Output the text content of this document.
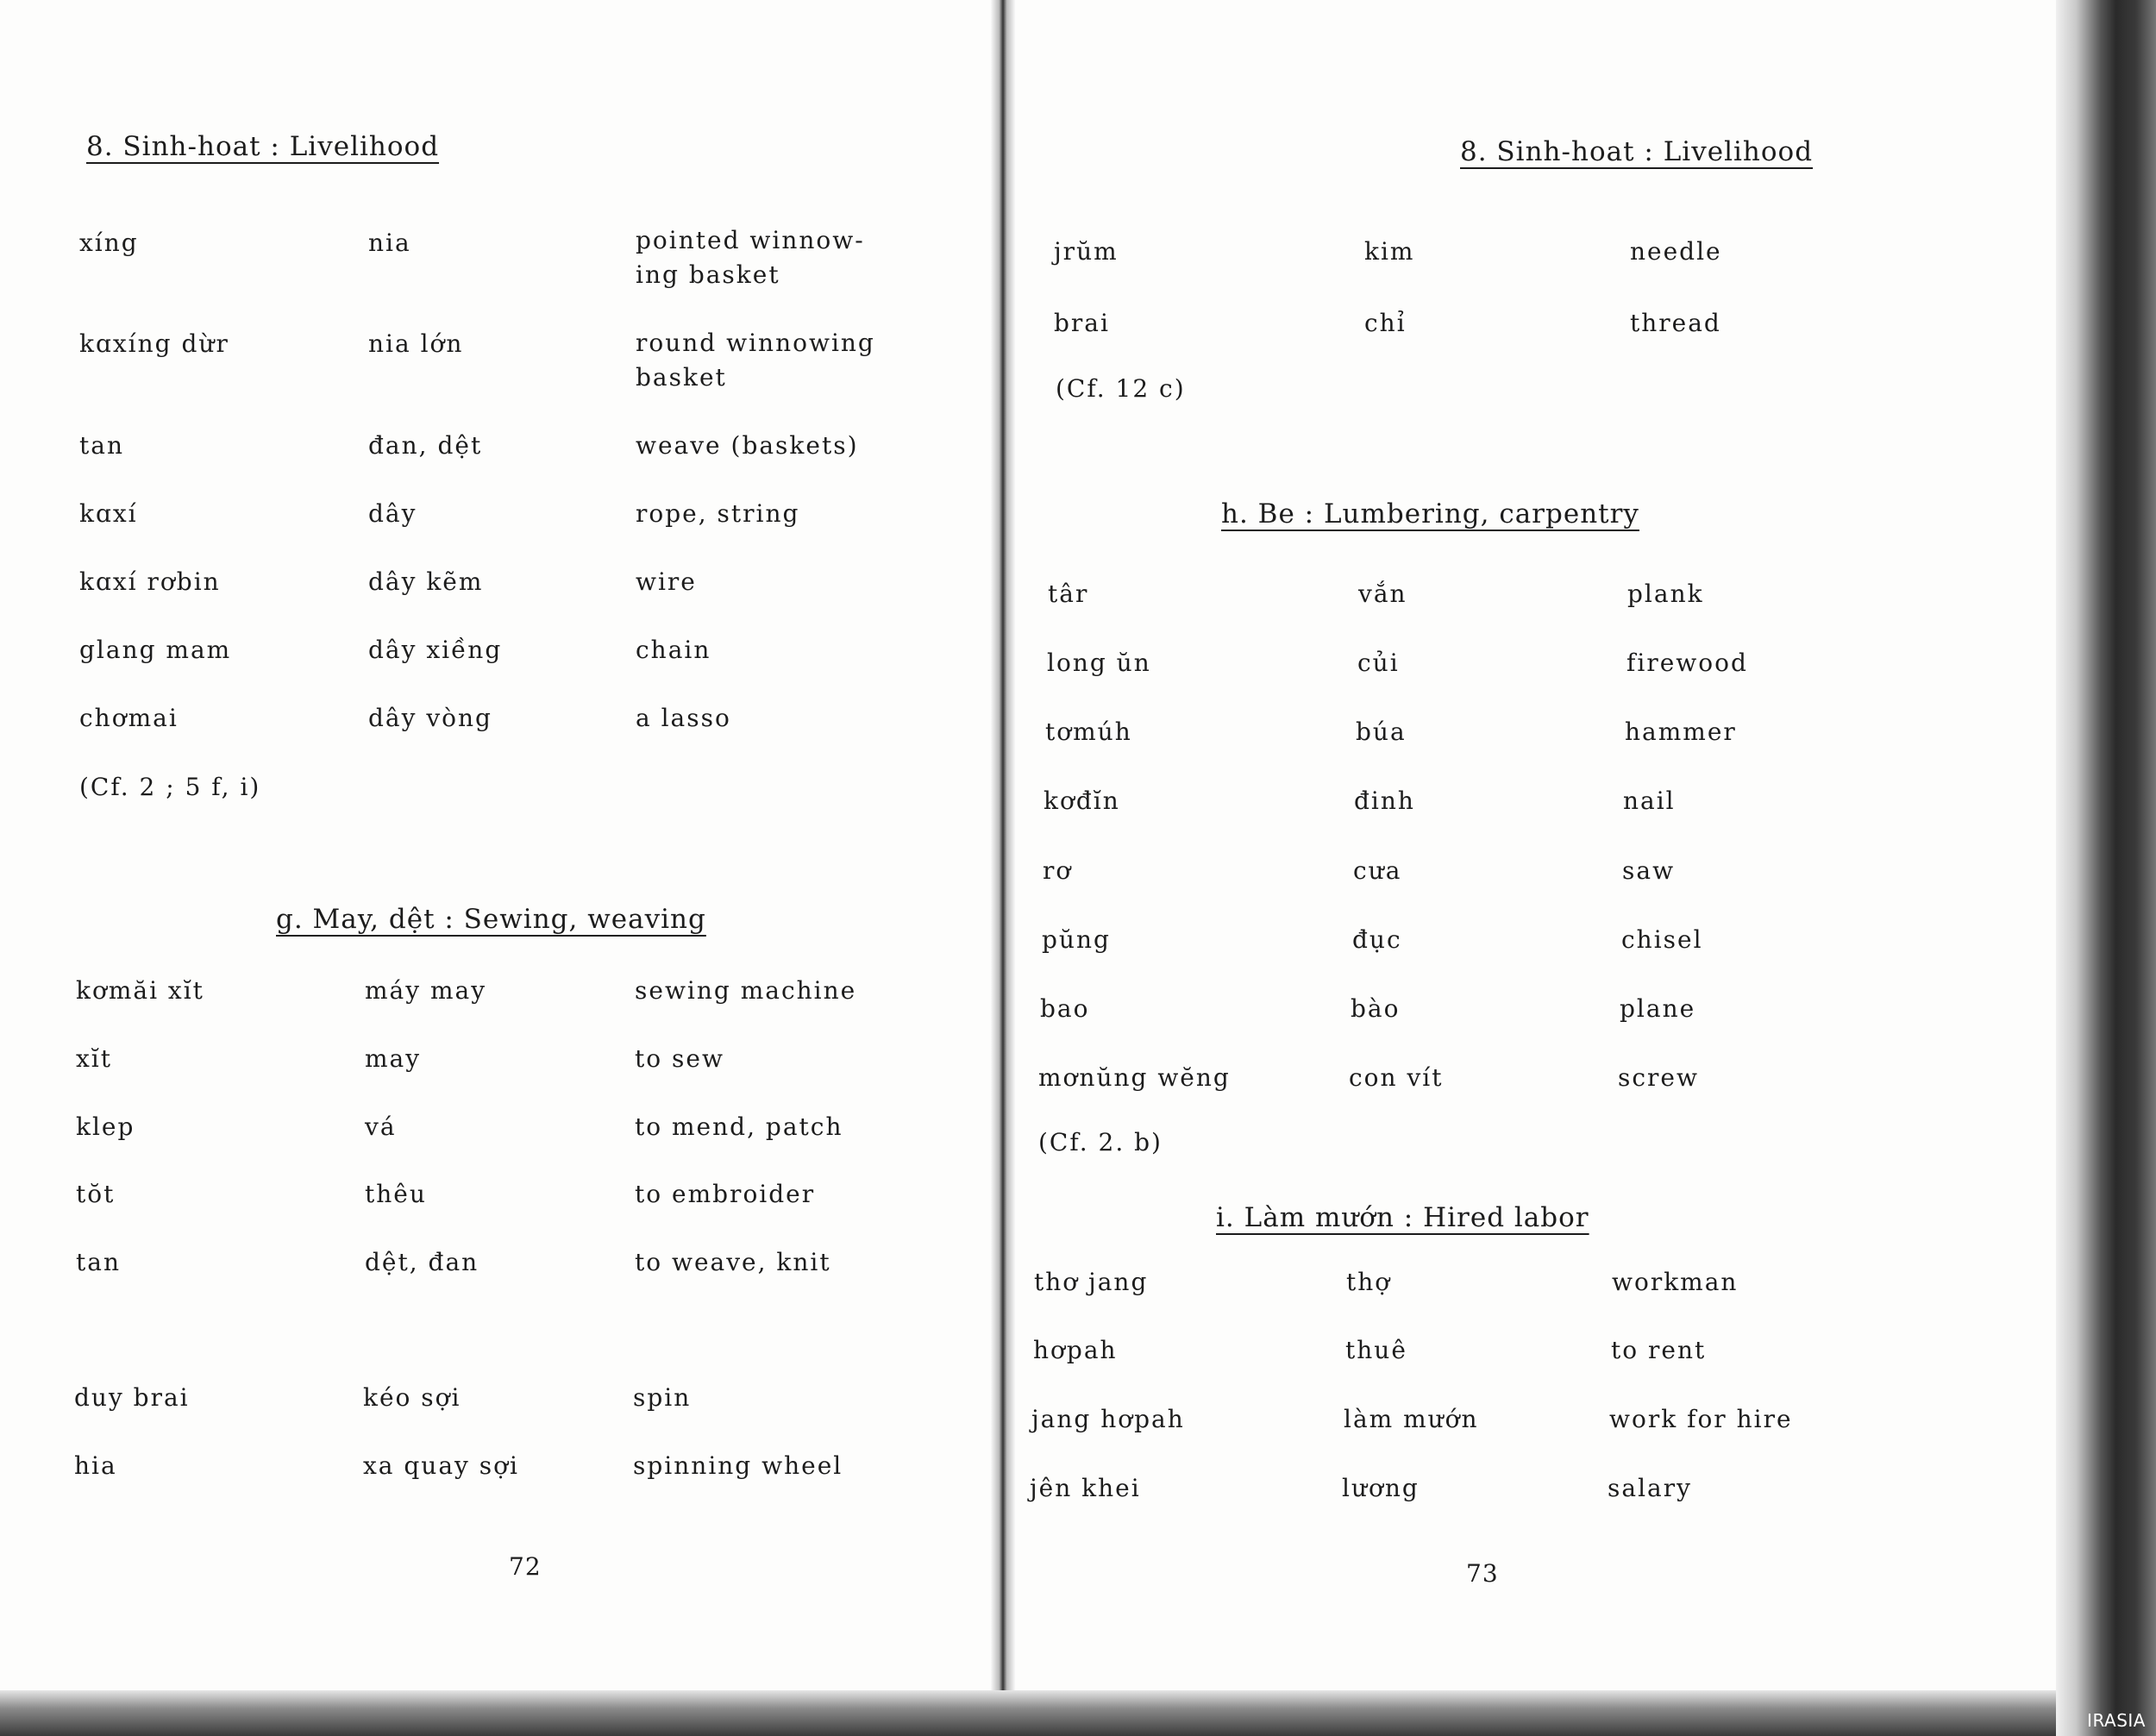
8. Sinh-hoat : Livelihood
xíng	nia	pointed winnow-ing basket
kɑxíng dừr	nia lớn	round winnowing basket
tan	đan, dệt	weave (baskets)
kɑxí	dây	rope, string
kɑxí rơbin	dây kẽm	wire
glang mam	dây xiềng	chain
chơmai	dây vòng	a lasso
(Cf. 2 ; 5 f, i)
g. May, dệt : Sewing, weaving
kơmăi xĭt	máy may	sewing machine
xĭt	may	to sew
klep	vá	to mend, patch
tŏt	thêu	to embroider
tan	dệt, đan	to weave, knit
duy brai	kéo sợi	spin
hia	xa quay sợi	spinning wheel
72
8. Sinh-hoat : Livelihood
jrŭm	kim	needle
brai	chỉ	thread
(Cf. 12 c)
h. Be : Lumbering, carpentry
târ	vắn	plank
long ŭn	củi	firewood
tơmúh	búa	hammer
kơđĭn	đinh	nail
rơ	cưa	saw
pŭng	đục	chisel
bao	bào	plane
mơnŭng wĕng	con vít	screw
(Cf. 2. b)
i. Làm mướn : Hired labor
thơ jang	thợ	workman
hơpah	thuê	to rent
jang hơpah	làm mướn	work for hire
jên khei	lương	salary
73
IRASIA
